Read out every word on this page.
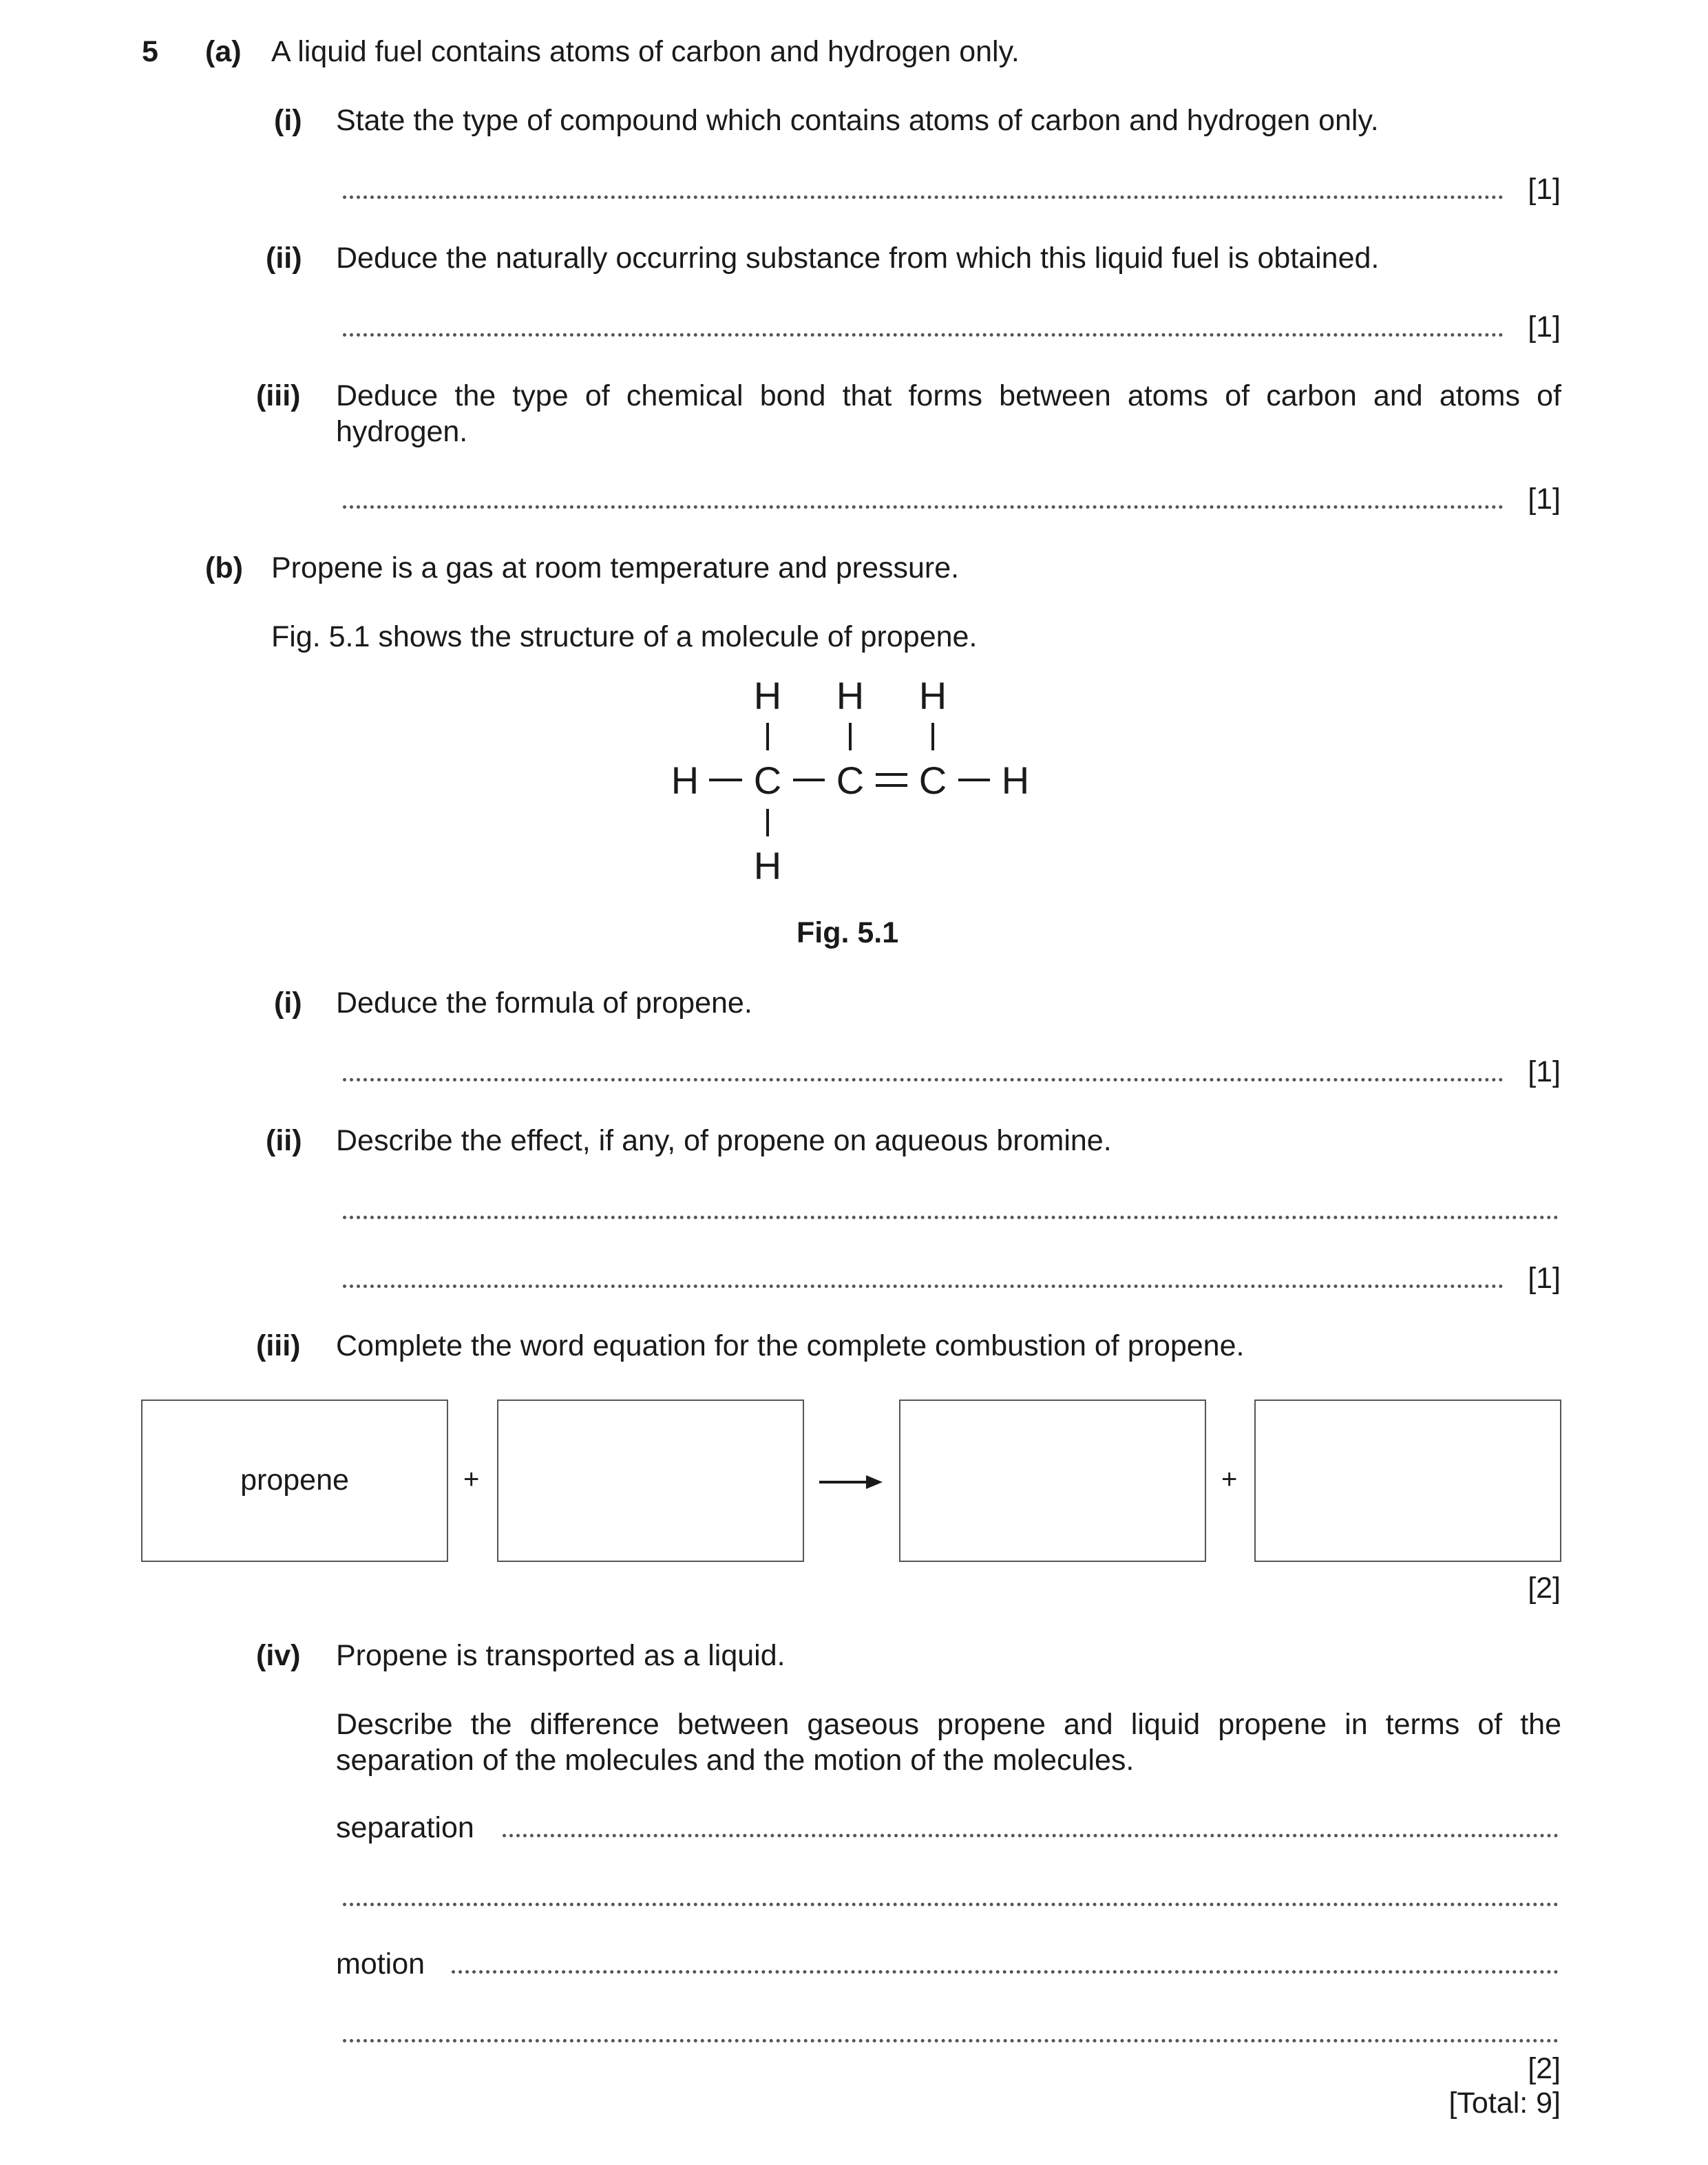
5 (a) A liquid fuel contains atoms of carbon and hydrogen only.
(i) State the type of compound which contains atoms of carbon and hydrogen only.
[1]
(ii) Deduce the naturally occurring substance from which this liquid fuel is obtained.
[1]
(iii) Deduce the type of chemical bond that forms between atoms of carbon and atoms of hydrogen.
[1]
(b) Propene is a gas at room temperature and pressure.
Fig. 5.1 shows the structure of a molecule of propene.
H H H
H C C C H
H
Fig. 5.1
(i) Deduce the formula of propene.
[1]
(ii) Describe the effect, if any, of propene on aqueous bromine.
[1]
(iii) Complete the word equation for the complete combustion of propene.
propene	+	+
[2]
(iv) Propene is transported as a liquid.
Describe the difference between gaseous propene and liquid propene in terms of the separation of the molecules and the motion of the molecules.
separation
motion
[2]
[Total: 9]
